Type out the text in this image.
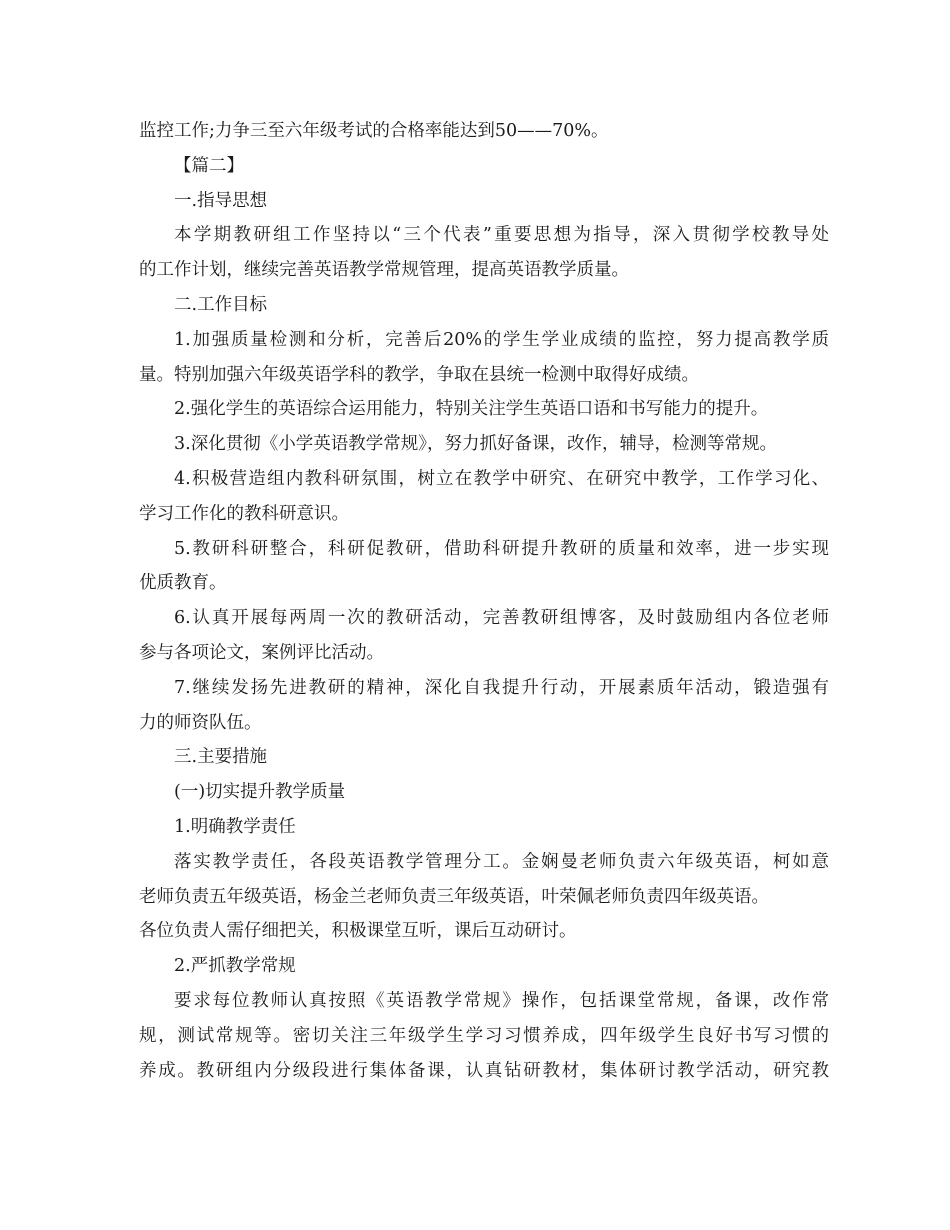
监控工作;力争三至六年级考试的合格率能达到50——70%。
【篇二】
一.指导思想
本学期教研组工作坚持以“三个代表”重要思想为指导，深入贯彻学校教导处
的工作计划，继续完善英语教学常规管理，提高英语教学质量。
二.工作目标
1.加强质量检测和分析，完善后20%的学生学业成绩的监控，努力提高教学质
量。特别加强六年级英语学科的教学，争取在县统一检测中取得好成绩。
2.强化学生的英语综合运用能力，特别关注学生英语口语和书写能力的提升。
3.深化贯彻《小学英语教学常规》，努力抓好备课，改作，辅导，检测等常规。
4.积极营造组内教科研氛围，树立在教学中研究、在研究中教学，工作学习化、
学习工作化的教科研意识。
5.教研科研整合，科研促教研，借助科研提升教研的质量和效率，进一步实现
优质教育。
6.认真开展每两周一次的教研活动，完善教研组博客，及时鼓励组内各位老师
参与各项论文，案例评比活动。
7.继续发扬先进教研的精神，深化自我提升行动，开展素质年活动，锻造强有
力的师资队伍。
三.主要措施
(一)切实提升教学质量
1.明确教学责任
落实教学责任，各段英语教学管理分工。金娴曼老师负责六年级英语，柯如意
老师负责五年级英语，杨金兰老师负责三年级英语，叶荣佩老师负责四年级英语。
各位负责人需仔细把关，积极课堂互听，课后互动研讨。
2.严抓教学常规
要求每位教师认真按照《英语教学常规》操作，包括课堂常规，备课，改作常
规，测试常规等。密切关注三年级学生学习习惯养成，四年级学生良好书写习惯的
养成。教研组内分级段进行集体备课，认真钻研教材，集体研讨教学活动，研究教
